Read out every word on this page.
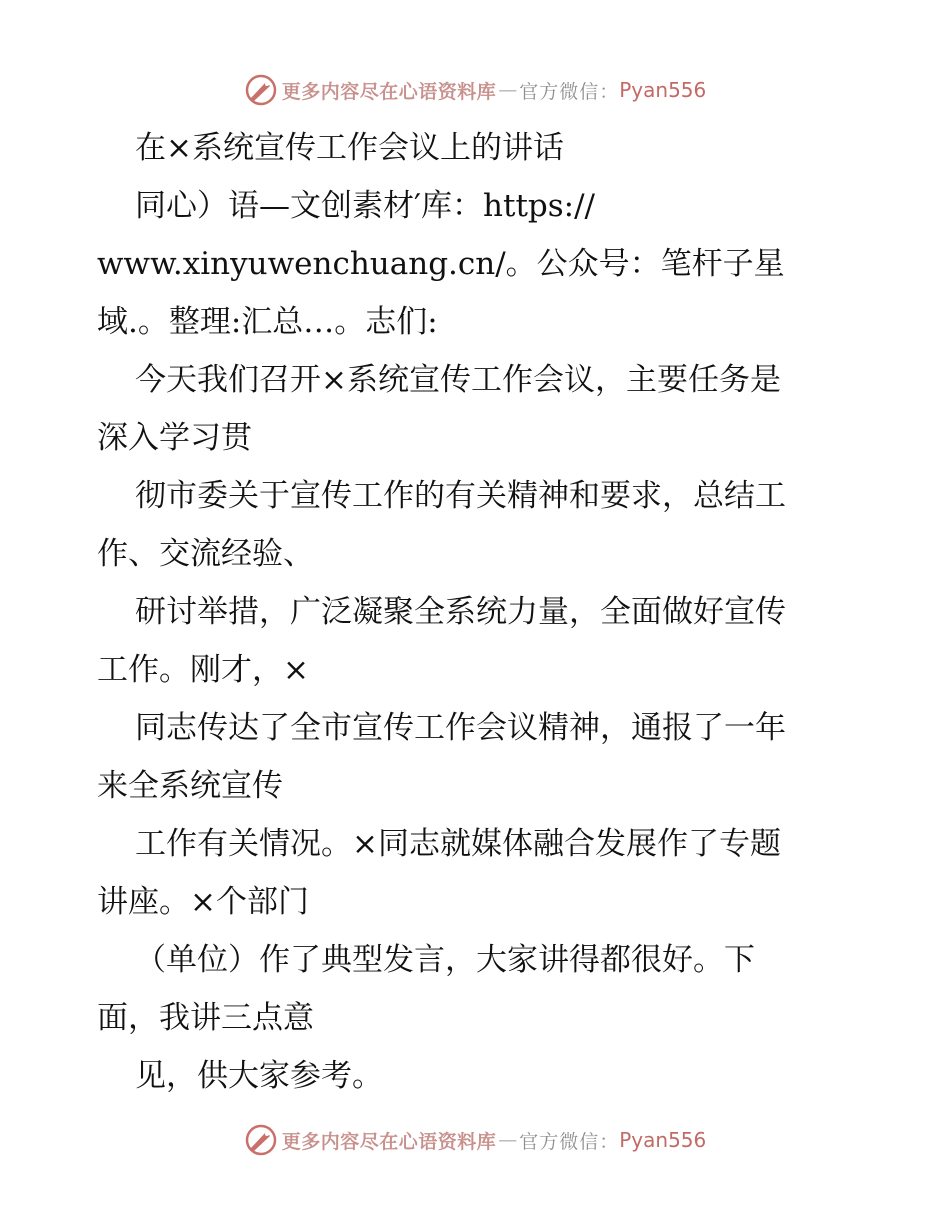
更多内容尽在心语资料库 — 官方微信： Pyan556
在×系统宣传工作会议上的讲话
同心）语—文创素材′库：https://
www.xinyuwenchuang.cn/。公众号：笔杆子星
域.。整理:汇总…。志们:
今天我们召开×系统宣传工作会议，主要任务是
深入学习贯
彻市委关于宣传工作的有关精神和要求，总结工
作、交流经验、
研讨举措，广泛凝聚全系统力量，全面做好宣传
工作。刚才，×
同志传达了全市宣传工作会议精神，通报了一年
来全系统宣传
工作有关情况。×同志就媒体融合发展作了专题
讲座。×个部门
（单位）作了典型发言，大家讲得都很好。下
面，我讲三点意
见，供大家参考。
更多内容尽在心语资料库 — 官方微信： Pyan556
